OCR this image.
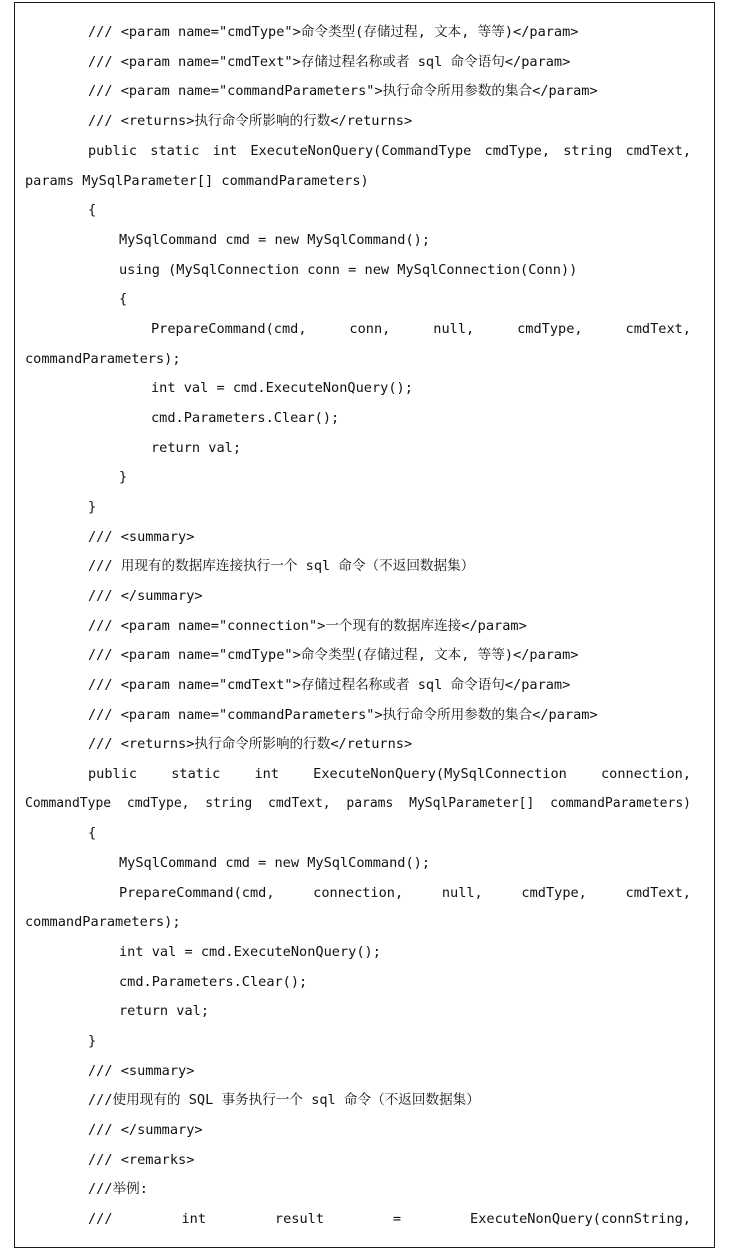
/// <param name="cmdType">命令类型(存储过程, 文本, 等等)</param>
/// <param name="cmdText">存储过程名称或者 sql 命令语句</param>
/// <param name="commandParameters">执行命令所用参数的集合</param>
/// <returns>执行命令所影响的行数</returns>
public static int ExecuteNonQuery(CommandType cmdType, string cmdText,
params MySqlParameter[] commandParameters)
{
MySqlCommand cmd = new MySqlCommand();
using (MySqlConnection conn = new MySqlConnection(Conn))
{
PrepareCommand(cmd,  conn,  null,  cmdType,  cmdText,
commandParameters);
int val = cmd.ExecuteNonQuery();
cmd.Parameters.Clear();
return val;
}
}
/// <summary>
/// 用现有的数据库连接执行一个 sql 命令（不返回数据集）
/// </summary>
/// <param name="connection">一个现有的数据库连接</param>
/// <param name="cmdType">命令类型(存储过程, 文本, 等等)</param>
/// <param name="cmdText">存储过程名称或者 sql 命令语句</param>
/// <param name="commandParameters">执行命令所用参数的集合</param>
/// <returns>执行命令所影响的行数</returns>
public  static  int  ExecuteNonQuery(MySqlConnection  connection,
CommandType cmdType, string cmdText, params MySqlParameter[] commandParameters)
{
MySqlCommand cmd = new MySqlCommand();
PrepareCommand(cmd,  connection,  null,  cmdType,  cmdText,
commandParameters);
int val = cmd.ExecuteNonQuery();
cmd.Parameters.Clear();
return val;
}
/// <summary>
///使用现有的 SQL 事务执行一个 sql 命令（不返回数据集）
/// </summary>
/// <remarks>
///举例:
///  int  result  =  ExecuteNonQuery(connString,
